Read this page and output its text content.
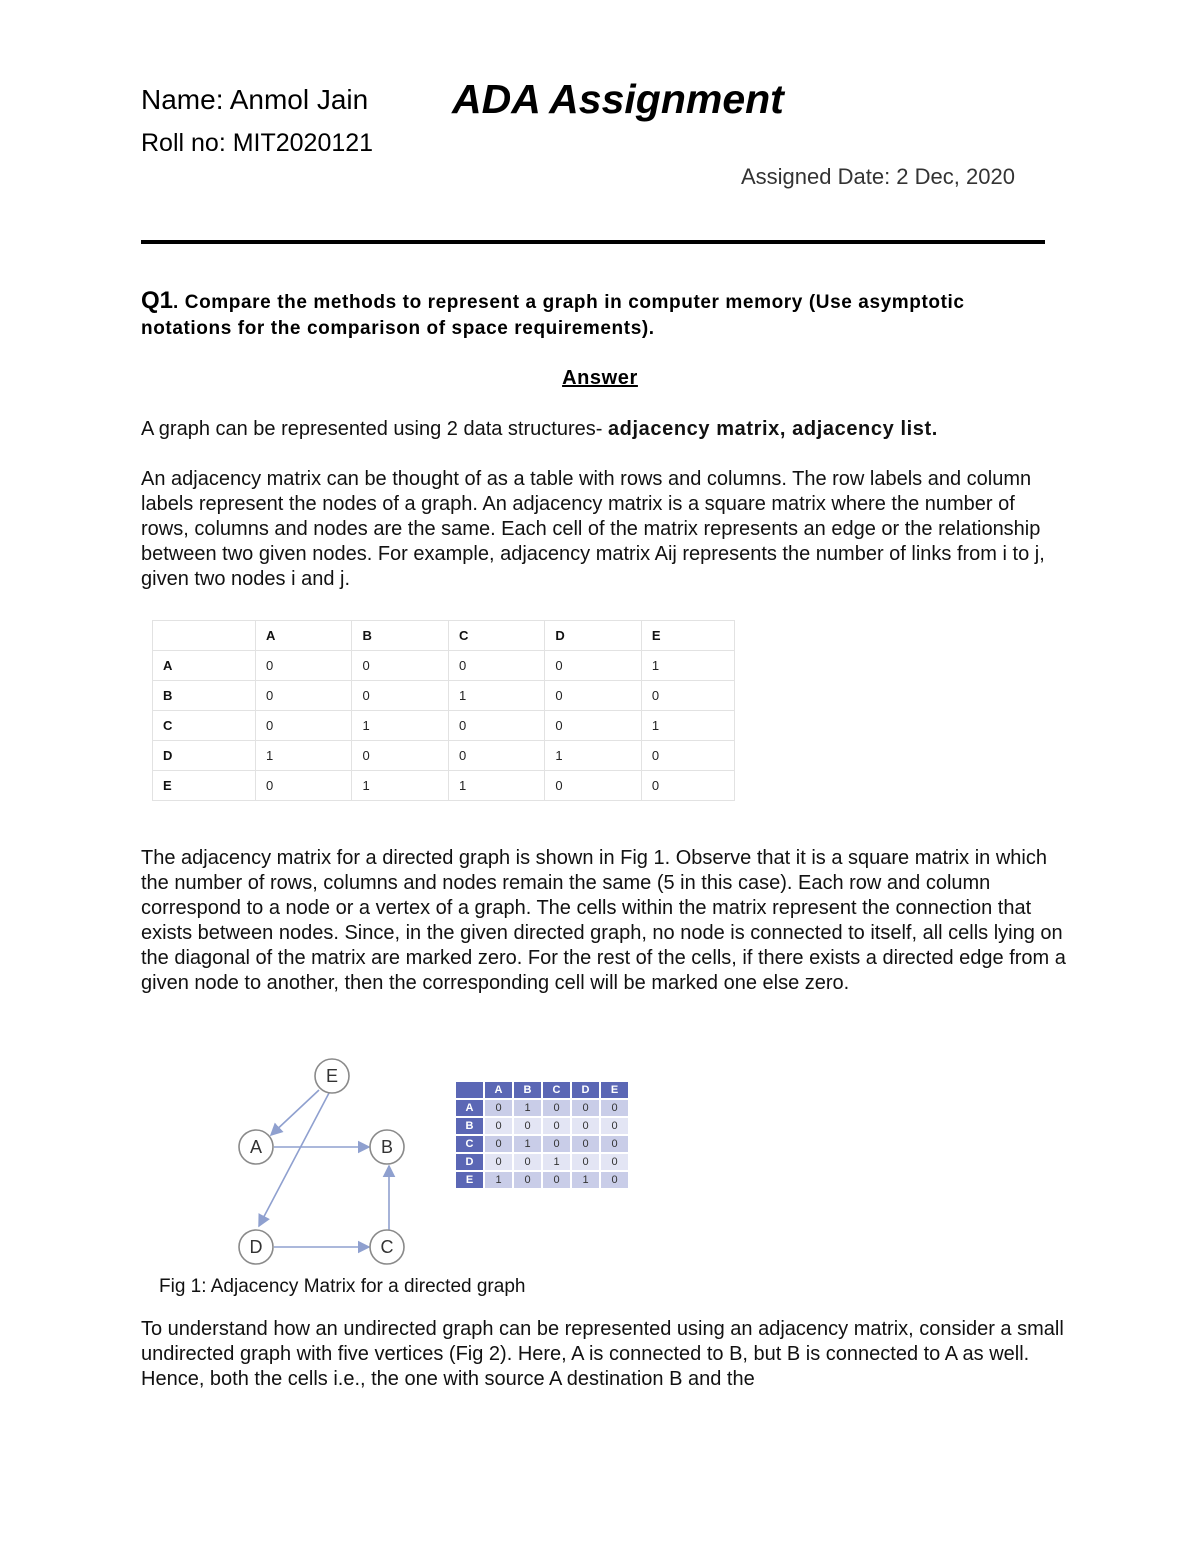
Name: Anmol Jain ADA Assignment
Roll no: MIT2020121
Assigned Date: 2 Dec, 2020
Q1. Compare the methods to represent a graph in computer memory (Use asymptotic notations for the comparison of space requirements).
Answer
A graph can be represented using 2 data structures- adjacency matrix, adjacency list.
An adjacency matrix can be thought of as a table with rows and columns. The row labels and column labels represent the nodes of a graph. An adjacency matrix is a square matrix where the number of rows, columns and nodes are the same. Each cell of the matrix represents an edge or the relationship between two given nodes. For example, adjacency matrix Aij represents the number of links from i to j, given two nodes i and j.
	A	B	C	D	E
A	0	0	0	0	1
B	0	0	1	0	0
C	0	1	0	0	1
D	1	0	0	1	0
E	0	1	1	0	0
The adjacency matrix for a directed graph is shown in Fig 1. Observe that it is a square matrix in which the number of rows, columns and nodes remain the same (5 in this case). Each row and column correspond to a node or a vertex of a graph. The cells within the matrix represent the connection that exists between nodes. Since, in the given directed graph, no node is connected to itself, all cells lying on the diagonal of the matrix are marked zero. For the rest of the cells, if there exists a directed edge from a given node to another, then the corresponding cell will be marked one else zero.
E
A	B
D	C
	A	B	C	D	E
A	0	1	0	0	0
B	0	0	0	0	0
C	0	1	0	0	0
D	0	0	1	0	0
E	1	0	0	1	0
Fig 1: Adjacency Matrix for a directed graph
To understand how an undirected graph can be represented using an adjacency matrix, consider a small undirected graph with five vertices (Fig 2). Here, A is connected to B, but B is connected to A as well. Hence, both the cells i.e., the one with source A destination B and the
